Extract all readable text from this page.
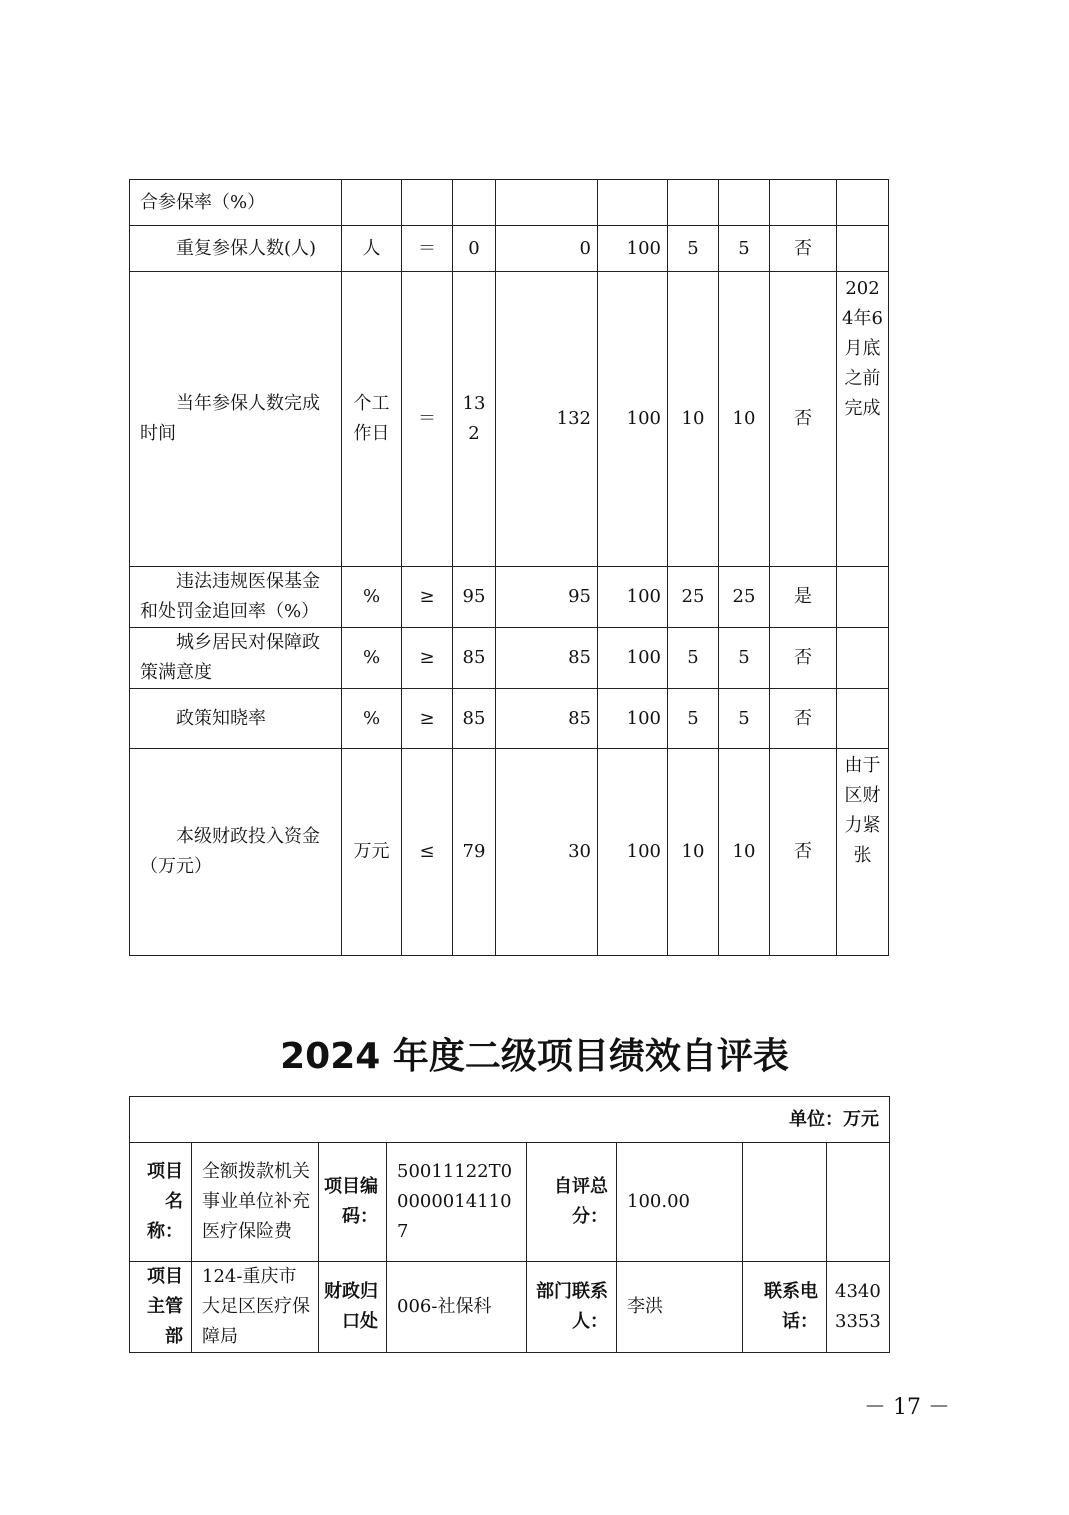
合参保率（%）									
重复参保人数(人)	人	＝	0	0	100	5	5	否	
当年参保人数完成时间	个工作日	＝	132	132	100	10	10	否	2024年6月底之前完成
违法违规医保基金和处罚金追回率（%）	%	≥	95	95	100	25	25	是	
城乡居民对保障政策满意度	%	≥	85	85	100	5	5	否	
政策知晓率	%	≥	85	85	100	5	5	否	
本级财政投入资金（万元）	万元	≤	79	30	100	10	10	否	由于区财力紧张
2024 年度二级项目绩效自评表
单位：万元							
项目名称：	全额拨款机关事业单位补充医疗保险费	项目编码：	50011122T000000141107	自评总分：	100.00		
项目主管部	124-重庆市大足区医疗保障局	财政归口处	006-社保科	部门联系人：	李洪	联系电话：	43403353
－ 17 －
